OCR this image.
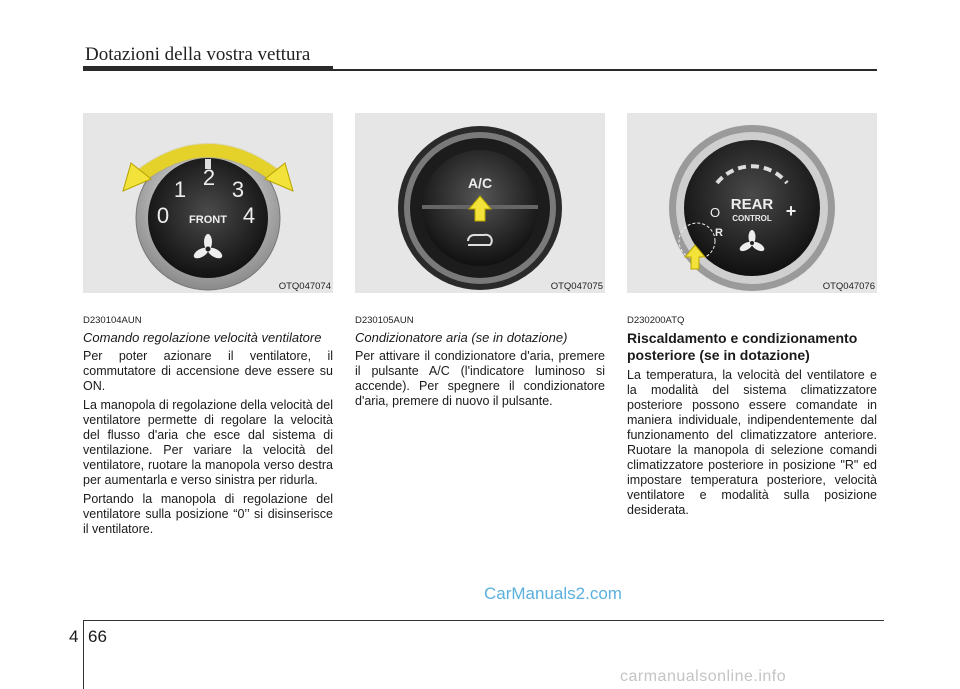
Dotazioni della vostra vettura
2
1 3
0	4
FRONT
OTQ047074
D230104AUN
Comando regolazione velocità ventilatore
Per poter azionare il ventilatore, il commutatore di accensione deve essere su ON.
La manopola di regolazione della velocità del ventilatore permette di regolare la velocità del flusso d'aria che esce dal sistema di ventilazione. Per variare la velocità del ventilatore, ruotare la manopola verso destra per aumentarla e verso sinistra per ridurla.
Portando la manopola di regolazione del ventilatore sulla posizione “0’’ si disinserisce il ventilatore.
A/C
OTQ047075
D230105AUN
Condizionatore aria (se in dotazione)
Per attivare il condizionatore d'aria, premere il pulsante A/C (l'indicatore luminoso si accende). Per spegnere il condizionatore d'aria, premere di nuovo il pulsante.
REAR
CONTROL
O
R
+
OTQ047076
D230200ATQ
Riscaldamento e condizionamento posteriore (se in dotazione)
La temperatura, la velocità del ventilatore e la modalità del sistema climatizzatore posteriore possono essere comandate in maniera individuale, indipendentemente dal funzionamento del climatizzatore anteriore. Ruotare la manopola di selezione comandi climatizzatore posteriore in posizione "R" ed impostare temperatura posteriore, velocità ventilatore e modalità sulla posizione desiderata.
CarManuals2.com
4 66
carmanualsonline.info
